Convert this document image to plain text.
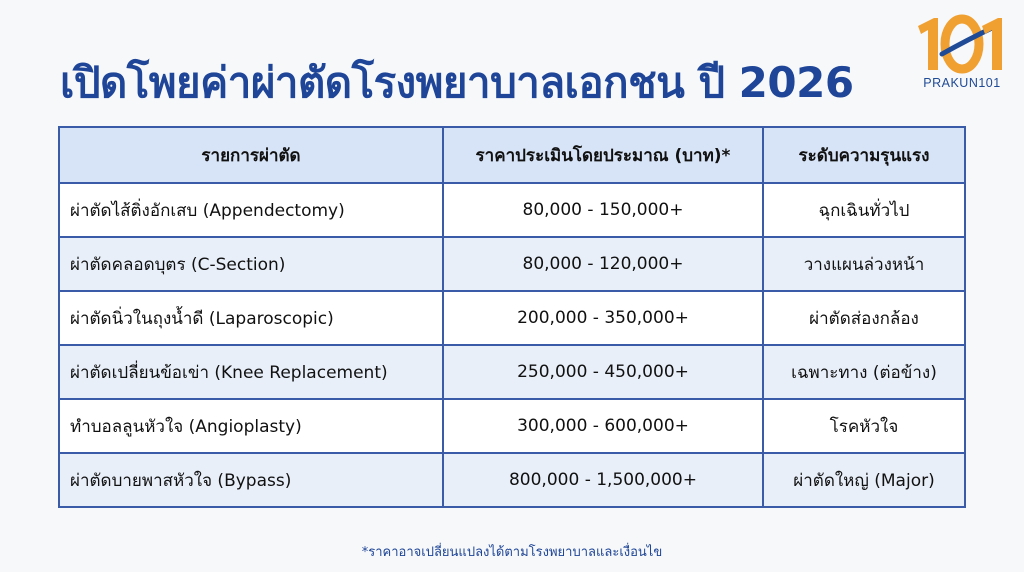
เปิดโพยค่าผ่าตัดโรงพยาบาลเอกชน ปี 2026	PRAKUN101
รายการผ่าตัด	ราคาประเมินโดยประมาณ (บาท)*	ระดับความรุนแรง
ผ่าตัดไส้ติ่งอักเสบ (Appendectomy)	80,000 - 150,000+	ฉุกเฉินทั่วไป
ผ่าตัดคลอดบุตร (C-Section)	80,000 - 120,000+	วางแผนล่วงหน้า
ผ่าตัดนิ่วในถุงน้ำดี (Laparoscopic)	200,000 - 350,000+	ผ่าตัดส่องกล้อง
ผ่าตัดเปลี่ยนข้อเข่า (Knee Replacement)	250,000 - 450,000+	เฉพาะทาง (ต่อข้าง)
ทำบอลลูนหัวใจ (Angioplasty)	300,000 - 600,000+	โรคหัวใจ
ผ่าตัดบายพาสหัวใจ (Bypass)	800,000 - 1,500,000+	ผ่าตัดใหญ่ (Major)
*ราคาอาจเปลี่ยนแปลงได้ตามโรงพยาบาลและเงื่อนไข
